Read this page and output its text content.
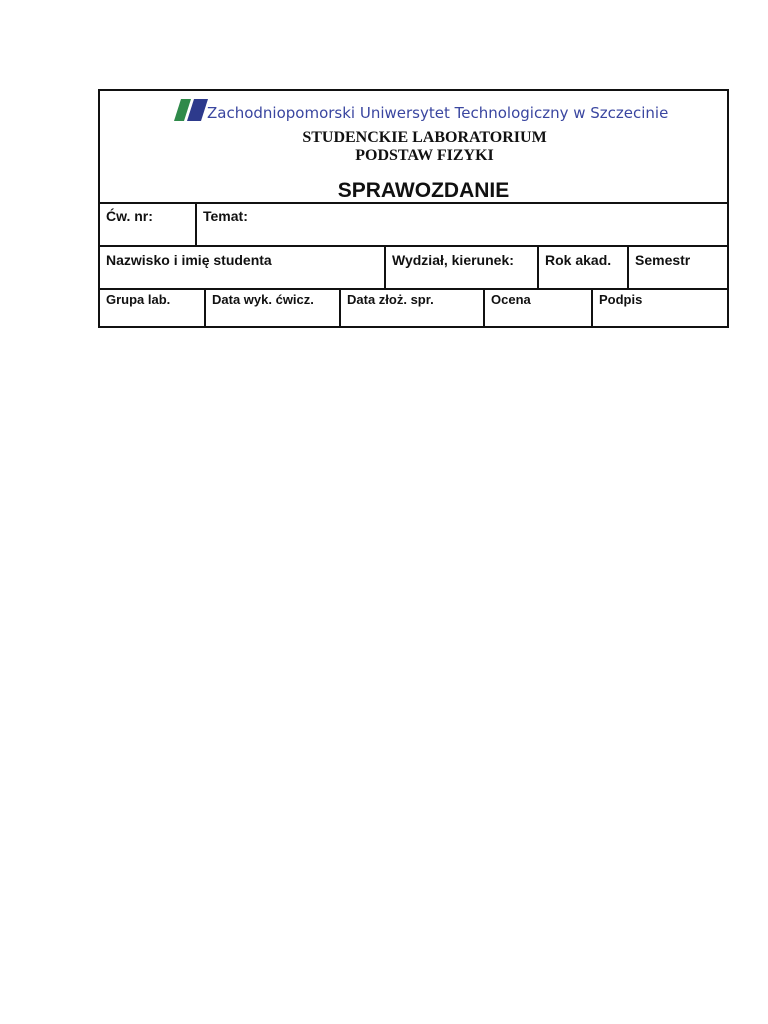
Zachodniopomorski Uniwersytet Technologiczny w Szczecinie
STUDENCKIE LABORATORIUM
PODSTAW FIZYKI
SPRAWOZDANIE
Ćw. nr:	Temat:
Nazwisko i imię studenta	Wydział, kierunek:	Rok akad.	Semestr
Grupa lab.	Data wyk. ćwicz.	Data złoż. spr.	Ocena	Podpis
